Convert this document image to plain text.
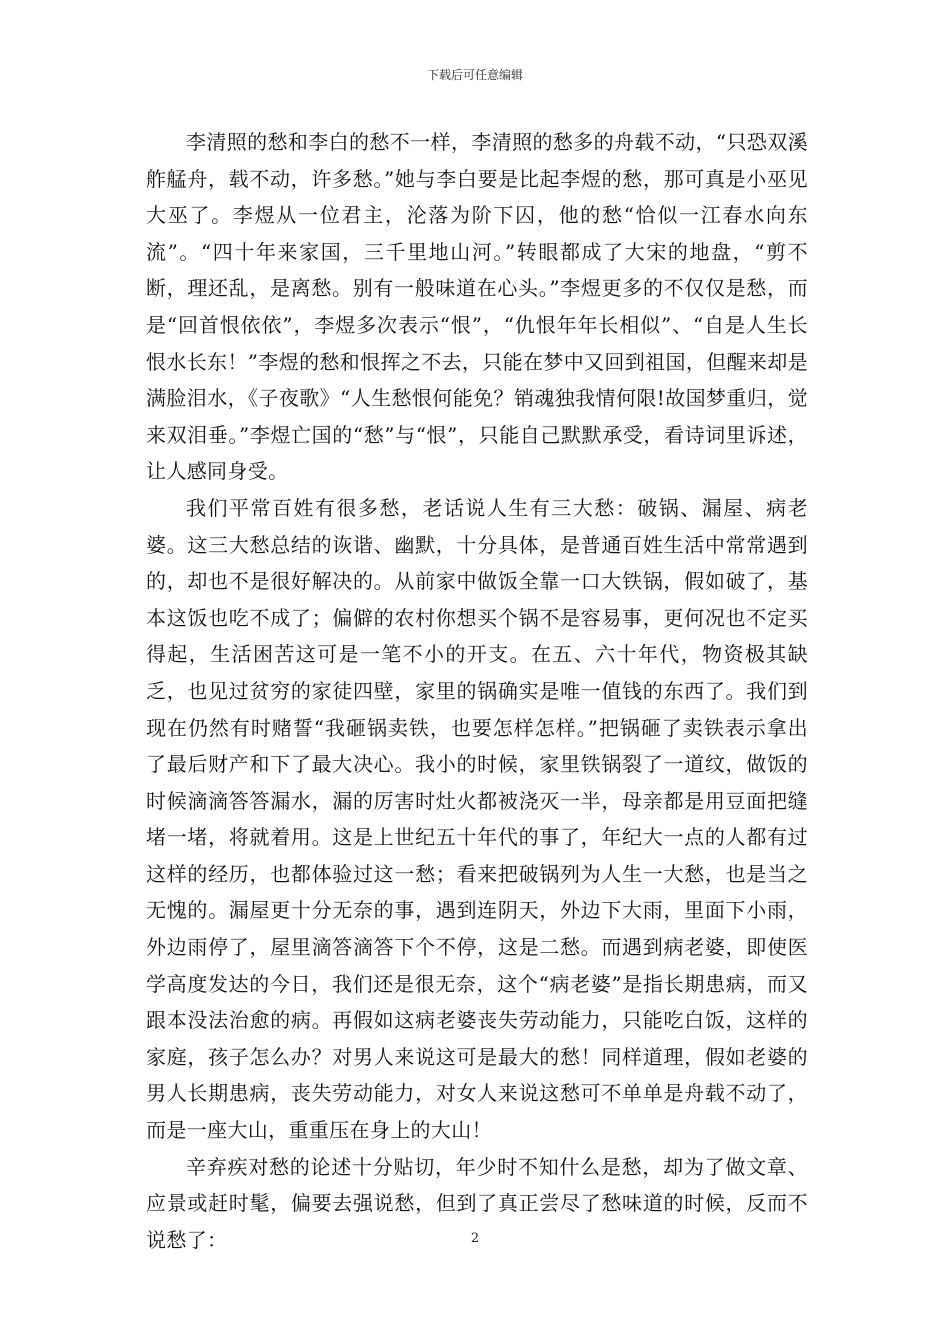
下载后可任意编辑

李清照的愁和李白的愁不一样，李清照的愁多的舟载不动，“只恐双溪舴艋舟，载不动，许多愁。”她与李白要是比起李煜的愁，那可真是小巫见大巫了。李煜从一位君主，沦落为阶下囚，他的愁“恰似一江春水向东流”。“四十年来家国，三千里地山河。”转眼都成了大宋的地盘，“剪不断，理还乱，是离愁。别有一般味道在心头。”李煜更多的不仅仅是愁，而是“回首恨依依”，李煜多次表示“恨”，“仇恨年年长相似”、“自是人生长恨水长东！”李煜的愁和恨挥之不去，只能在梦中又回到祖国，但醒来却是满脸泪水，《子夜歌》“人生愁恨何能免？销魂独我情何限!故国梦重归，觉来双泪垂。”李煜亡国的“愁”与“恨”，只能自己默默承受，看诗词里诉述，让人感同身受。

我们平常百姓有很多愁，老话说人生有三大愁：破锅、漏屋、病老婆。这三大愁总结的诙谐、幽默，十分具体，是普通百姓生活中常常遇到的，却也不是很好解决的。从前家中做饭全靠一口大铁锅，假如破了，基本这饭也吃不成了；偏僻的农村你想买个锅不是容易事，更何况也不定买得起，生活困苦这可是一笔不小的开支。在五、六十年代，物资极其缺乏，也见过贫穷的家徒四壁，家里的锅确实是唯一值钱的东西了。我们到现在仍然有时赌誓“我砸锅卖铁，也要怎样怎样。”把锅砸了卖铁表示拿出了最后财产和下了最大决心。我小的时候，家里铁锅裂了一道纹，做饭的时候滴滴答答漏水，漏的厉害时灶火都被浇灭一半，母亲都是用豆面把缝堵一堵，将就着用。这是上世纪五十年代的事了，年纪大一点的人都有过这样的经历，也都体验过这一愁；看来把破锅列为人生一大愁，也是当之无愧的。漏屋更十分无奈的事，遇到连阴天，外边下大雨，里面下小雨，外边雨停了，屋里滴答滴答下个不停，这是二愁。而遇到病老婆，即使医学高度发达的今日，我们还是很无奈，这个“病老婆”是指长期患病，而又跟本没法治愈的病。再假如这病老婆丧失劳动能力，只能吃白饭，这样的家庭，孩子怎么办？对男人来说这可是最大的愁！同样道理，假如老婆的男人长期患病，丧失劳动能力，对女人来说这愁可不单单是舟载不动了，而是一座大山，重重压在身上的大山！

辛弃疾对愁的论述十分贴切，年少时不知什么是愁，却为了做文章、应景或赶时髦，偏要去强说愁，但到了真正尝尽了愁味道的时候，反而不说愁了：	2
